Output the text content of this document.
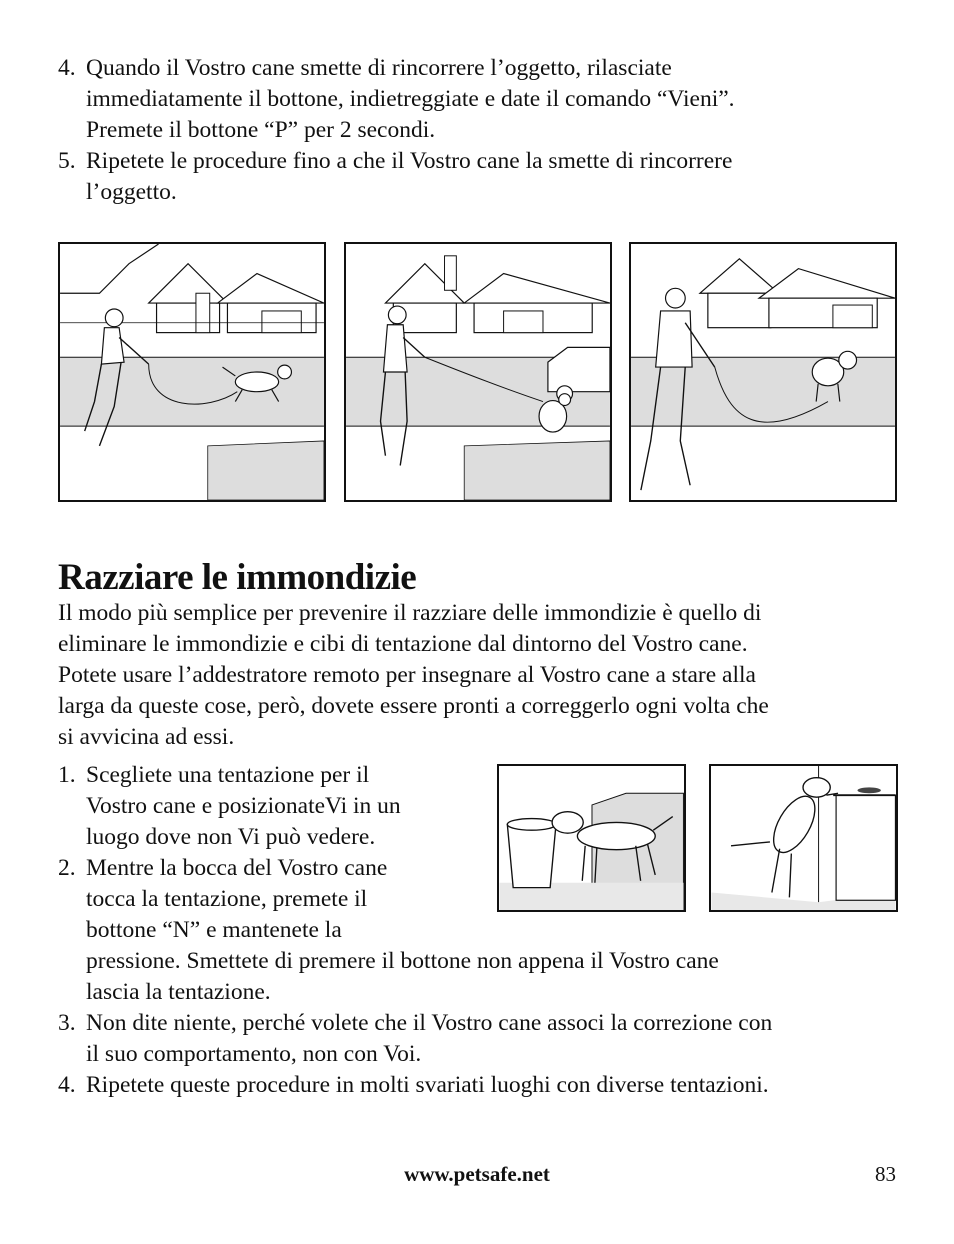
4. Quando il Vostro cane smette di rincorrere l’oggetto, rilasciate
immediatamente il bottone, indietreggiate e date il comando “Vieni”.
Premete il bottone “P” per 2 secondi.
5. Ripetete le procedure fino a che il Vostro cane la smette di rincorrere
l’oggetto.
Razziare le immondizie
Il modo più semplice per prevenire il razziare delle immondizie è quello di
eliminare le immondizie e cibi di tentazione dal dintorno del Vostro cane.
Potete usare l’addestratore remoto per insegnare al Vostro cane a stare alla
larga da queste cose, però, dovete essere pronti a correggerlo ogni volta che
si avvicina ad essi.
1. Scegliete una tentazione per il
Vostro cane e posizionateVi in un
luogo dove non Vi può vedere.
2. Mentre la bocca del Vostro cane
tocca la tentazione, premete il
bottone “N” e mantenete la
pressione. Smettete di premere il bottone non appena il Vostro cane
lascia la tentazione.
3. Non dite niente, perché volete che il Vostro cane associ la correzione con
il suo comportamento, non con Voi.
4. Ripetete queste procedure in molti svariati luoghi con diverse tentazioni.
www.petsafe.net	83
